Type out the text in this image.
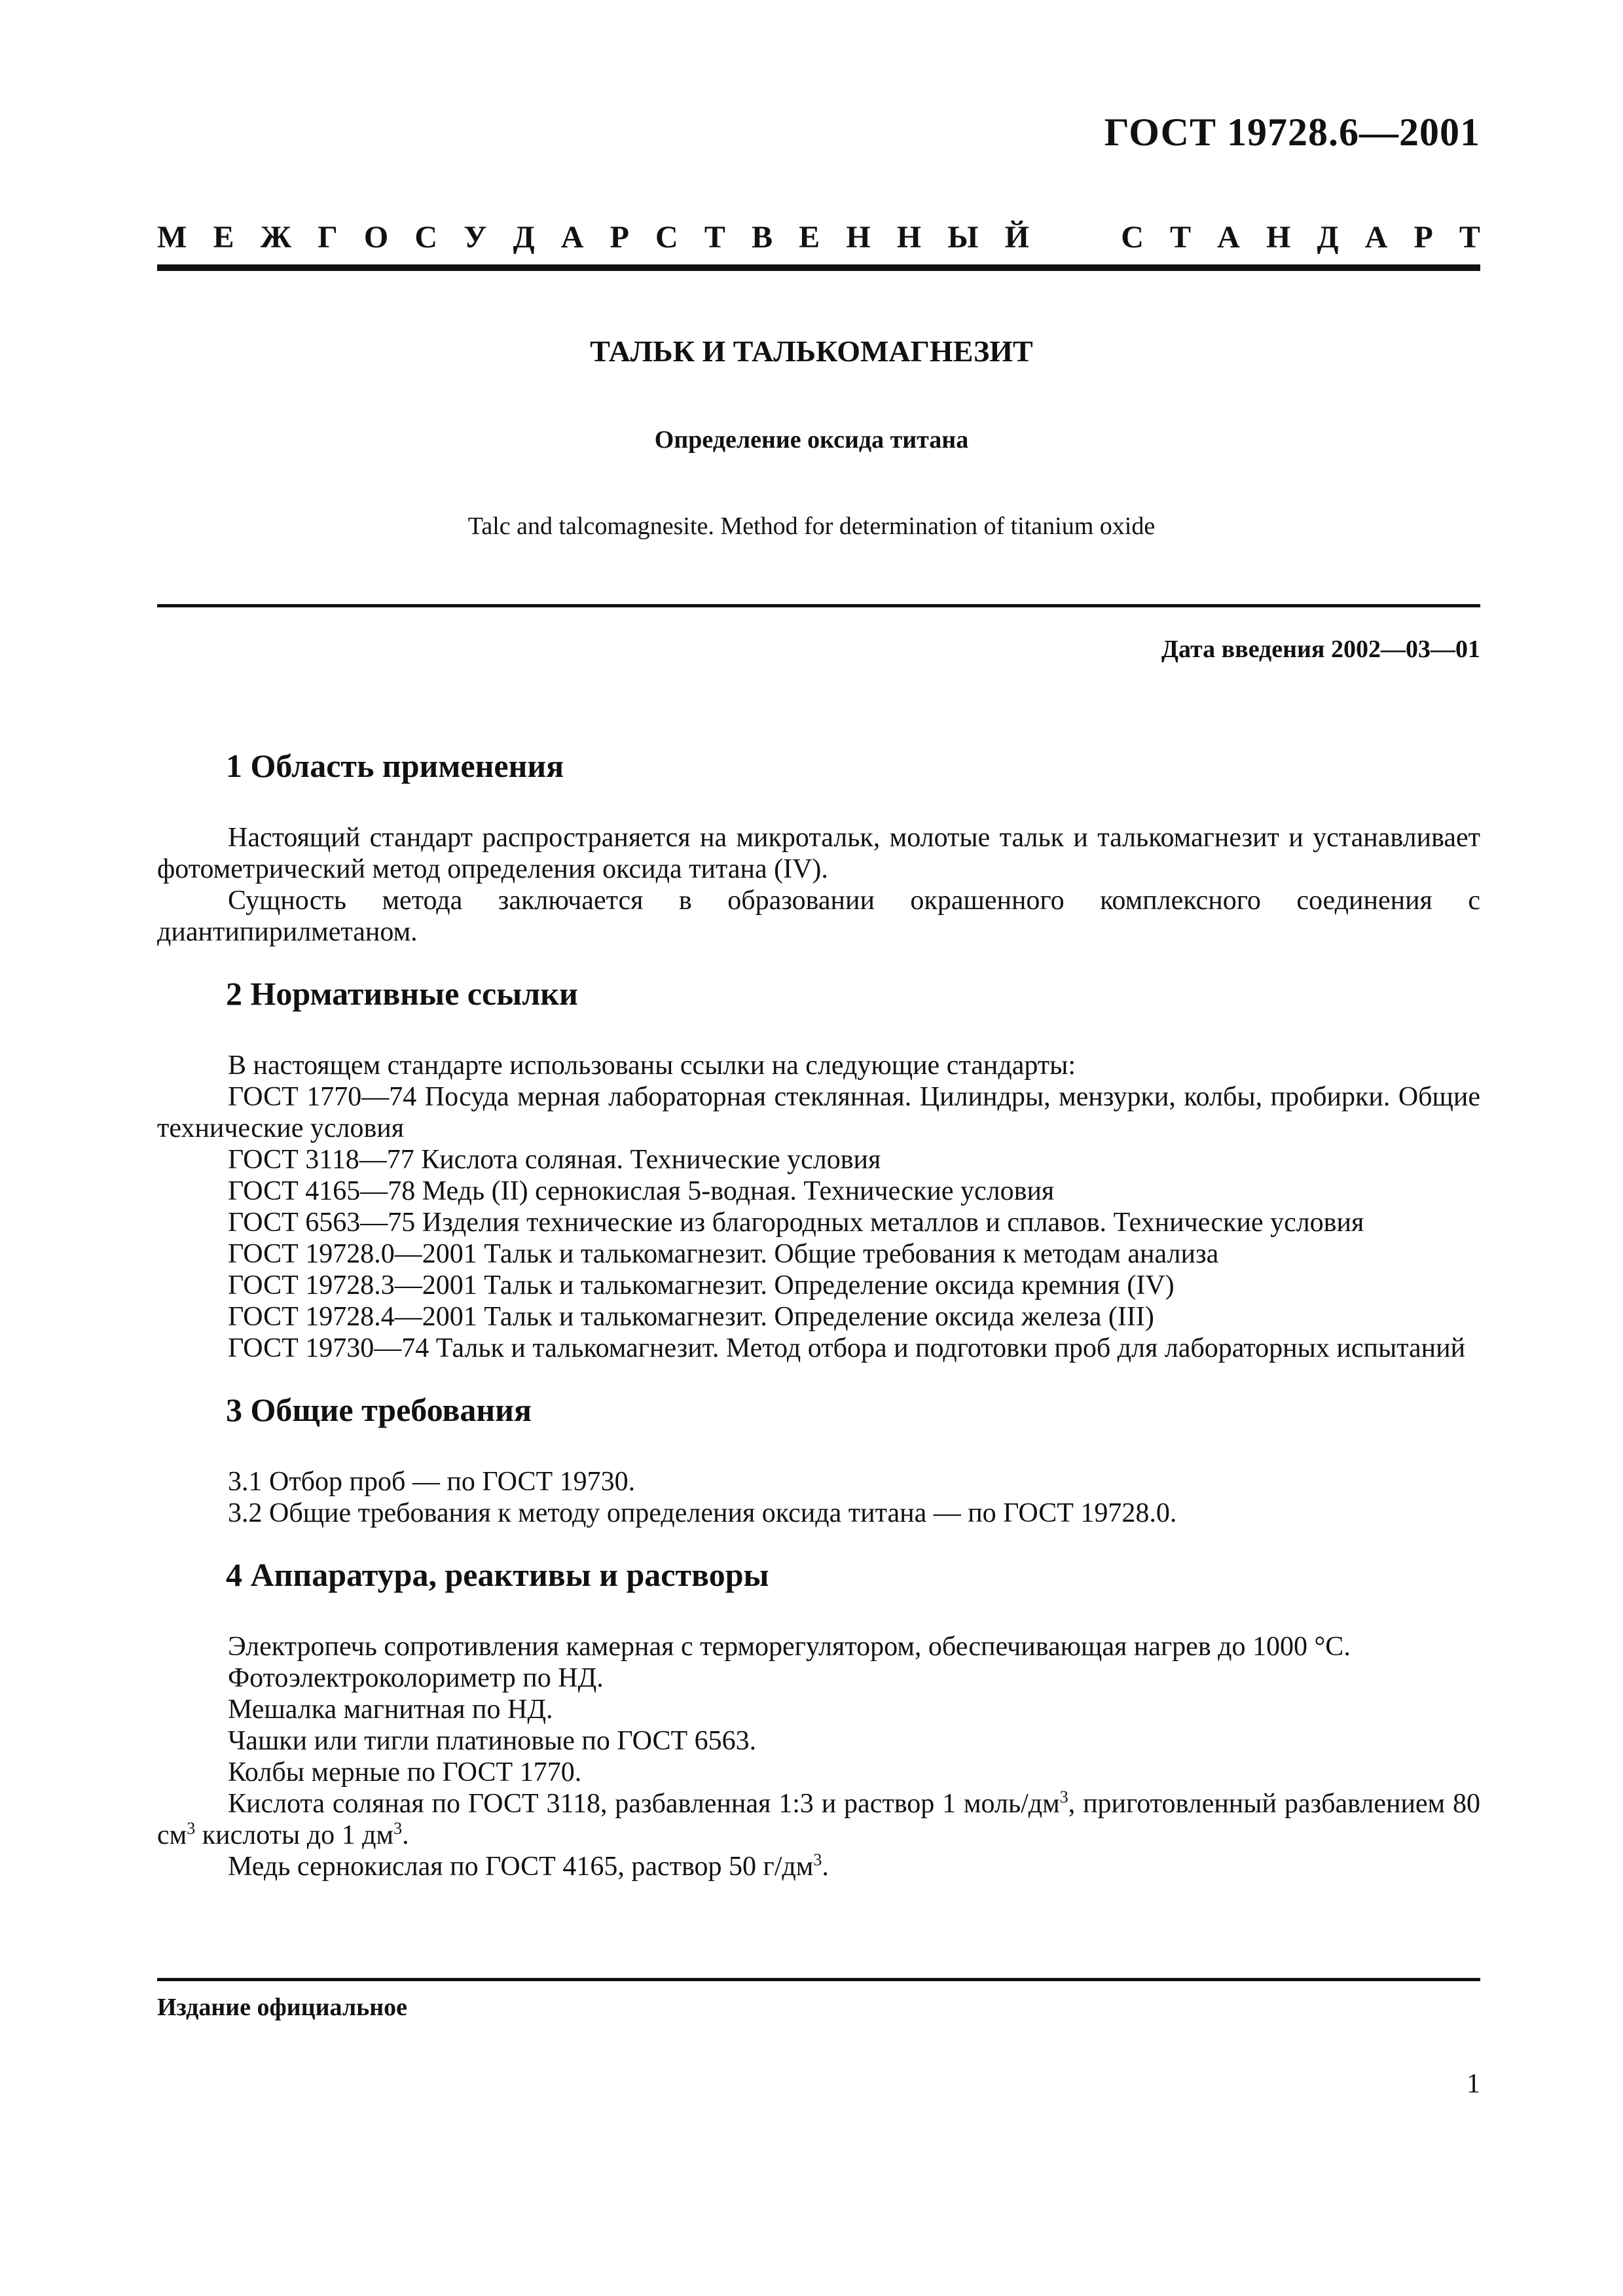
ГОСТ 19728.6—2001
М Е Ж Г О С У Д А Р С Т В Е Н Н Ы Й	С Т А Н Д А Р Т
ТАЛЬК И ТАЛЬКОМАГНЕЗИТ
Определение оксида титана
Talc and talcomagnesite. Method for determination of titanium oxide
Дата введения 2002—03—01
1 Область применения

Настоящий стандарт распространяется на микротальк, молотые тальк и талькомагнезит и устанавливает фотометрический метод определения оксида титана (IV).

Сущность метода заключается в образовании окрашенного комплексного соединения с диантипирилметаном.

2 Нормативные ссылки

В настоящем стандарте использованы ссылки на следующие стандарты:

ГОСТ 1770—74 Посуда мерная лабораторная стеклянная. Цилиндры, мензурки, колбы, пробирки. Общие технические условия

ГОСТ 3118—77 Кислота соляная. Технические условия

ГОСТ 4165—78 Медь (II) сернокислая 5-водная. Технические условия

ГОСТ 6563—75 Изделия технические из благородных металлов и сплавов. Технические условия

ГОСТ 19728.0—2001 Тальк и талькомагнезит. Общие требования к методам анализа

ГОСТ 19728.3—2001 Тальк и талькомагнезит. Определение оксида кремния (IV)

ГОСТ 19728.4—2001 Тальк и талькомагнезит. Определение оксида железа (III)

ГОСТ 19730—74 Тальк и талькомагнезит. Метод отбора и подготовки проб для лабораторных испытаний

3 Общие требования

3.1 Отбор проб — по ГОСТ 19730.

3.2 Общие требования к методу определения оксида титана — по ГОСТ 19728.0.

4 Аппаратура, реактивы и растворы

Электропечь сопротивления камерная с терморегулятором, обеспечивающая нагрев до 1000 °С.

Фотоэлектроколориметр по НД.

Мешалка магнитная по НД.

Чашки или тигли платиновые по ГОСТ 6563.

Колбы мерные по ГОСТ 1770.

Кислота соляная по ГОСТ 3118, разбавленная 1:3 и раствор 1 моль/$дм^3$, приготовленный разбавлением 80 $см^3$ кислоты до 1 $дм^3$.

Медь сернокислая по ГОСТ 4165, раствор 50 $г/дм^3$.

Издание официальное
1
